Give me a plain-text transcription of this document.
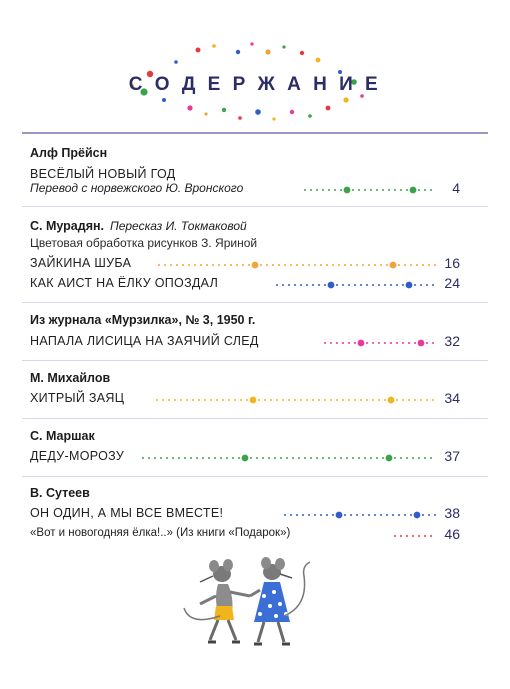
С О Д Е Р Ж А Н И Е
Алф Прёйсн
ВЕСЁЛЫЙ НОВЫЙ ГОД
Перевод с норвежского Ю. Вронского	4
С. Мурадян. Пересказ И. Токмаковой
Цветовая обработка рисунков З. Яриной
ЗАЙКИНА ШУБА	16
КАК АИСТ НА ЁЛКУ ОПОЗДАЛ	24
Из журнала «Мурзилка», № 3, 1950 г.
НАПАЛА ЛИСИЦА НА ЗАЯЧИЙ СЛЕД	32
М. Михайлов
ХИТРЫЙ ЗАЯЦ	34
С. Маршак
ДЕДУ-МОРОЗУ	37
В. Сутеев
ОН ОДИН, А МЫ ВСЕ ВМЕСТЕ!	38
«Вот и новогодняя ёлка!..» (Из книги «Подарок»)	46
